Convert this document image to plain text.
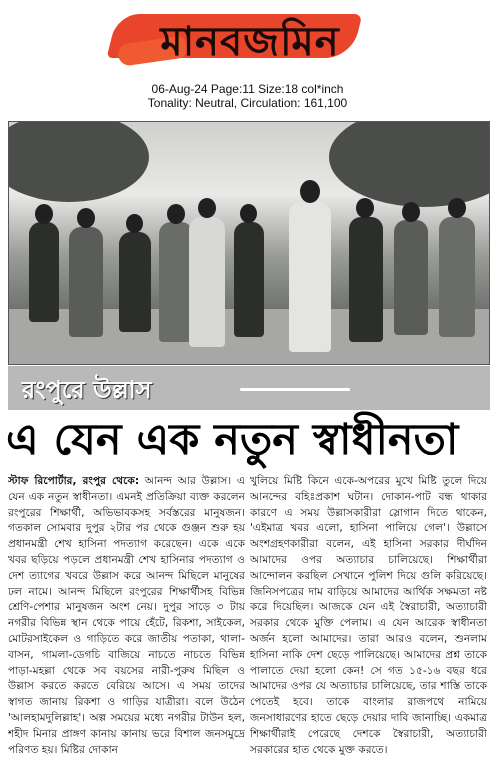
মানবজমিন
06-Aug-24 Page:11 Size:18 col*inch
Tonality: Neutral, Circulation: 161,100
রংপুরে উল্লাস
এ যেন এক নতুন স্বাধীনতা
স্টাফ রিপোর্টার, রংপুর থেকে: আনন্দ আর উল্লাস। এ যেন এক নতুন স্বাধীনতা। এমনই প্রতিক্রিয়া ব্যক্ত করলেন রংপুরের শিক্ষার্থী, অভিভাবকসহ সর্বস্তরের মানুষজন। গতকাল সোমবার দুপুর ২টার পর থেকে গুঞ্জন শুরু হয় প্রধানমন্ত্রী শেখ হাসিনা পদত্যাগ করেছেন। একে একে খবর ছড়িয়ে পড়লে প্রধানমন্ত্রী শেখ হাসিনার পদত্যাগ ও দেশ ত্যাগের খবরে উল্লাস করে আনন্দ মিছিলে মানুষের ঢল নামে। আনন্দ মিছিলে রংপুরের শিক্ষার্থীসহ বিভিন্ন শ্রেণি-পেশার মানুষজন অংশ নেয়। দুপুর সাড়ে ৩ টায় নগরীর বিভিন্ন স্থান থেকে পায়ে হেঁটে, রিকশা, সাইকেল, মোটরসাইকেল ও গাড়িতে করে জাতীয় পতাকা, থালা-বাসন, গামলা-ডেগচি বাজিয়ে নাচতে নাচতে বিভিন্ন পাড়া-মহল্লা থেকে সব বয়সের নারী-পুরুষ মিছিল ও উল্লাস করতে করতে বেরিয়ে আসে। এ সময় তাদের স্বাগত জানায় রিকশা ও গাড়ির যাত্রীরা। বলে উঠেন 'আলহামদুলিল্লাহ'। অল্প সময়ের মধ্যে নগরীর টাউন হল, শহীদ মিনার প্রাঙ্গণ কানায় কানায় ভরে বিশাল জনসমুদ্রে পরিণত হয়। মিষ্টির দোকান
খুলিয়ে মিষ্টি কিনে একে-অপরের মুখে মিষ্টি তুলে দিয়ে আনন্দের বহিঃপ্রকাশ ঘটান। দোকান-পাট বন্ধ থাকার কারণে এ সময় উল্লাসকারীরা স্লোগান দিতে থাকেন, 'এইমাত্র খবর এলো, হাসিনা পালিয়ে গেল'। উল্লাসে অংশগ্রহণকারীরা বলেন, এই হাসিনা সরকার দীর্ঘদিন আমাদের ওপর অত্যাচার চালিয়েছে। শিক্ষার্থীরা আন্দোলন করছিল সেখানে পুলিশ দিয়ে গুলি করিয়েছে। জিনিসপত্রের দাম বাড়িয়ে আমাদের আর্থিক সক্ষমতা নষ্ট করে দিয়েছিল। আজকে যেন এই স্বৈরাচারী, অত্যাচারী সরকার থেকে মুক্তি পেলাম। এ যেন আরেক স্বাধীনতা অর্জন হলো আমাদের। তারা আরও বলেন, শুনলাম হাসিনা নাকি দেশ ছেড়ে পালিয়েছে। আমাদের প্রশ্ন তাকে পালাতে দেয়া হলো কেন! সে গত ১৫-১৬ বছর ধরে আমাদের ওপর যে অত্যাচার চালিয়েছে, তার শাস্তি তাকে পেতেই হবে। তাকে বাংলার রাজপথে নামিয়ে জনসাধারণের হাতে ছেড়ে দেয়ার দাবি জানাচ্ছি। একমাত্র শিক্ষার্থীরাই পেরেছে দেশকে স্বৈরাচারী, অত্যাচারী সরকারের হাত থেকে মুক্ত করতে।
